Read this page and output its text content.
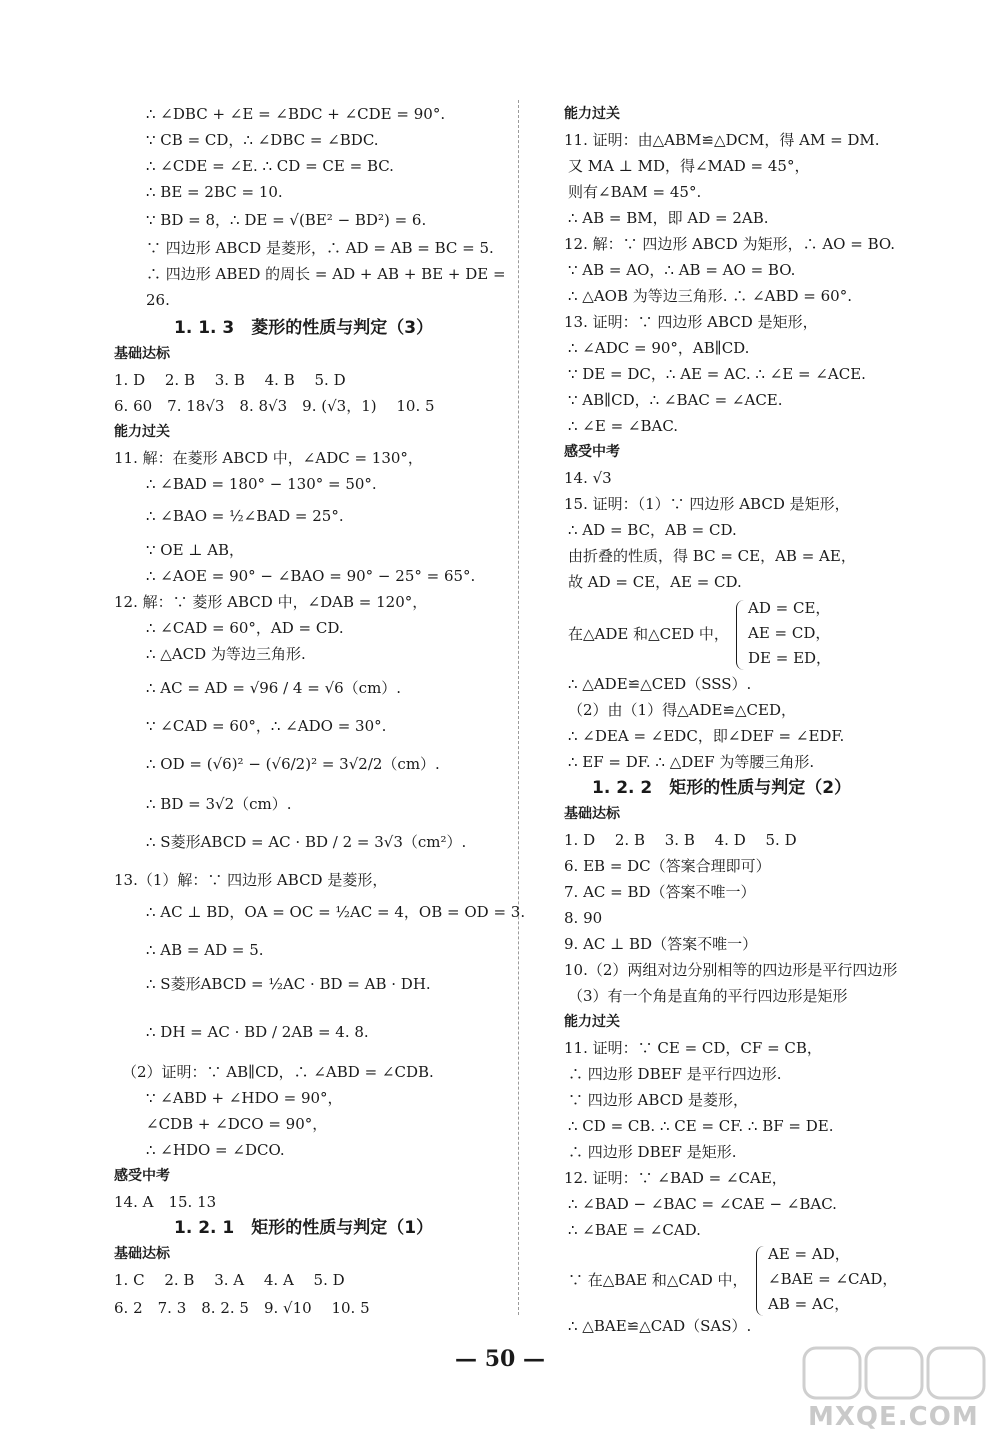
∴ ∠DBC + ∠E = ∠BDC + ∠CDE = 90°.
∵ CB = CD，∴ ∠DBC = ∠BDC.
∴ ∠CDE = ∠E. ∴ CD = CE = BC.
∴ BE = 2BC = 10.
∵ BD = 8，∴ DE = √(BE² − BD²) = 6.
∵ 四边形 ABCD 是菱形，∴ AD = AB = BC = 5.
∴ 四边形 ABED 的周长 = AD + AB + BE + DE =
26.
1. 1. 3　菱形的性质与判定（3）
基础达标
1. D　 2. B　 3. B　 4. B　 5. D
6. 60　7. 18√3　8. 8√3　9. (√3，1)　 10. 5
能力过关
11. 解：在菱形 ABCD 中，∠ADC = 130°，
∴ ∠BAD = 180° − 130° = 50°.
∴ ∠BAO = ½∠BAD = 25°.
∵ OE ⊥ AB，
∴ ∠AOE = 90° − ∠BAO = 90° − 25° = 65°.
12. 解：∵ 菱形 ABCD 中，∠DAB = 120°，
∴ ∠CAD = 60°，AD = CD.
∴ △ACD 为等边三角形.
∴ AC = AD = √96 / 4 = √6（cm）.
∵ ∠CAD = 60°，∴ ∠ADO = 30°.
∴ OD = (√6)² − (√6/2)² = 3√2/2（cm）.
∴ BD = 3√2（cm）.
∴ S菱形ABCD = AC · BD / 2 = 3√3（cm²）.
13.（1）解：∵ 四边形 ABCD 是菱形，
∴ AC ⊥ BD，OA = OC = ½AC = 4，OB = OD = 3.
∴ AB = AD = 5.
∴ S菱形ABCD = ½AC · BD = AB · DH.
∴ DH = AC · BD / 2AB = 4. 8.
（2）证明：∵ AB∥CD，∴ ∠ABD = ∠CDB.
∵ ∠ABD + ∠HDO = 90°，
∠CDB + ∠DCO = 90°，
∴ ∠HDO = ∠DCO.
感受中考
14. A　15. 13
1. 2. 1　矩形的性质与判定（1）
基础达标
1. C　 2. B　 3. A　 4. A　 5. D
6. 2　7. 3　8. 2. 5　9. √10　 10. 5
能力过关
11. 证明：由△ABM≌△DCM，得 AM = DM.
又 MA ⊥ MD，得∠MAD = 45°，
则有∠BAM = 45°.
∴ AB = BM，即 AD = 2AB.
12. 解：∵ 四边形 ABCD 为矩形，∴ AO = BO.
∵ AB = AO，∴ AB = AO = BO.
∴ △AOB 为等边三角形. ∴ ∠ABD = 60°.
13. 证明：∵ 四边形 ABCD 是矩形，
∴ ∠ADC = 90°，AB∥CD.
∵ DE = DC，∴ AE = AC. ∴ ∠E = ∠ACE.
∵ AB∥CD，∴ ∠BAC = ∠ACE.
∴ ∠E = ∠BAC.
感受中考
14. √3
15. 证明：（1）∵ 四边形 ABCD 是矩形，
∴ AD = BC，AB = CD.
由折叠的性质，得 BC = CE，AB = AE，
故 AD = CE，AE = CD.
在△ADE 和△CED 中，
∴ △ADE≌△CED（SSS）.
（2）由（1）得△ADE≌△CED，
∴ ∠DEA = ∠EDC，即∠DEF = ∠EDF.
∴ EF = DF. ∴ △DEF 为等腰三角形.
1. 2. 2　矩形的性质与判定（2）
基础达标
1. D　 2. B　 3. B　 4. D　 5. D
6. EB = DC（答案合理即可）
7. AC = BD（答案不唯一）
8. 90
9. AC ⊥ BD（答案不唯一）
10.（2）两组对边分别相等的四边形是平行四边形
（3）有一个角是直角的平行四边形是矩形
能力过关
11. 证明：∵ CE = CD，CF = CB，
∴ 四边形 DBEF 是平行四边形.
∵ 四边形 ABCD 是菱形，
∴ CD = CB. ∴ CE = CF. ∴ BF = DE.
∴ 四边形 DBEF 是矩形.
12. 证明：∵ ∠BAD = ∠CAE，
∴ ∠BAD − ∠BAC = ∠CAE − ∠BAC.
∴ ∠BAE = ∠CAD.
∵ 在△BAE 和△CAD 中，
∴ △BAE≌△CAD（SAS）.
AD = CE，
AE = CD，
DE = ED，
AE = AD，
∠BAE = ∠CAD，
AB = AC，
— 50 —
MXQE.COM
